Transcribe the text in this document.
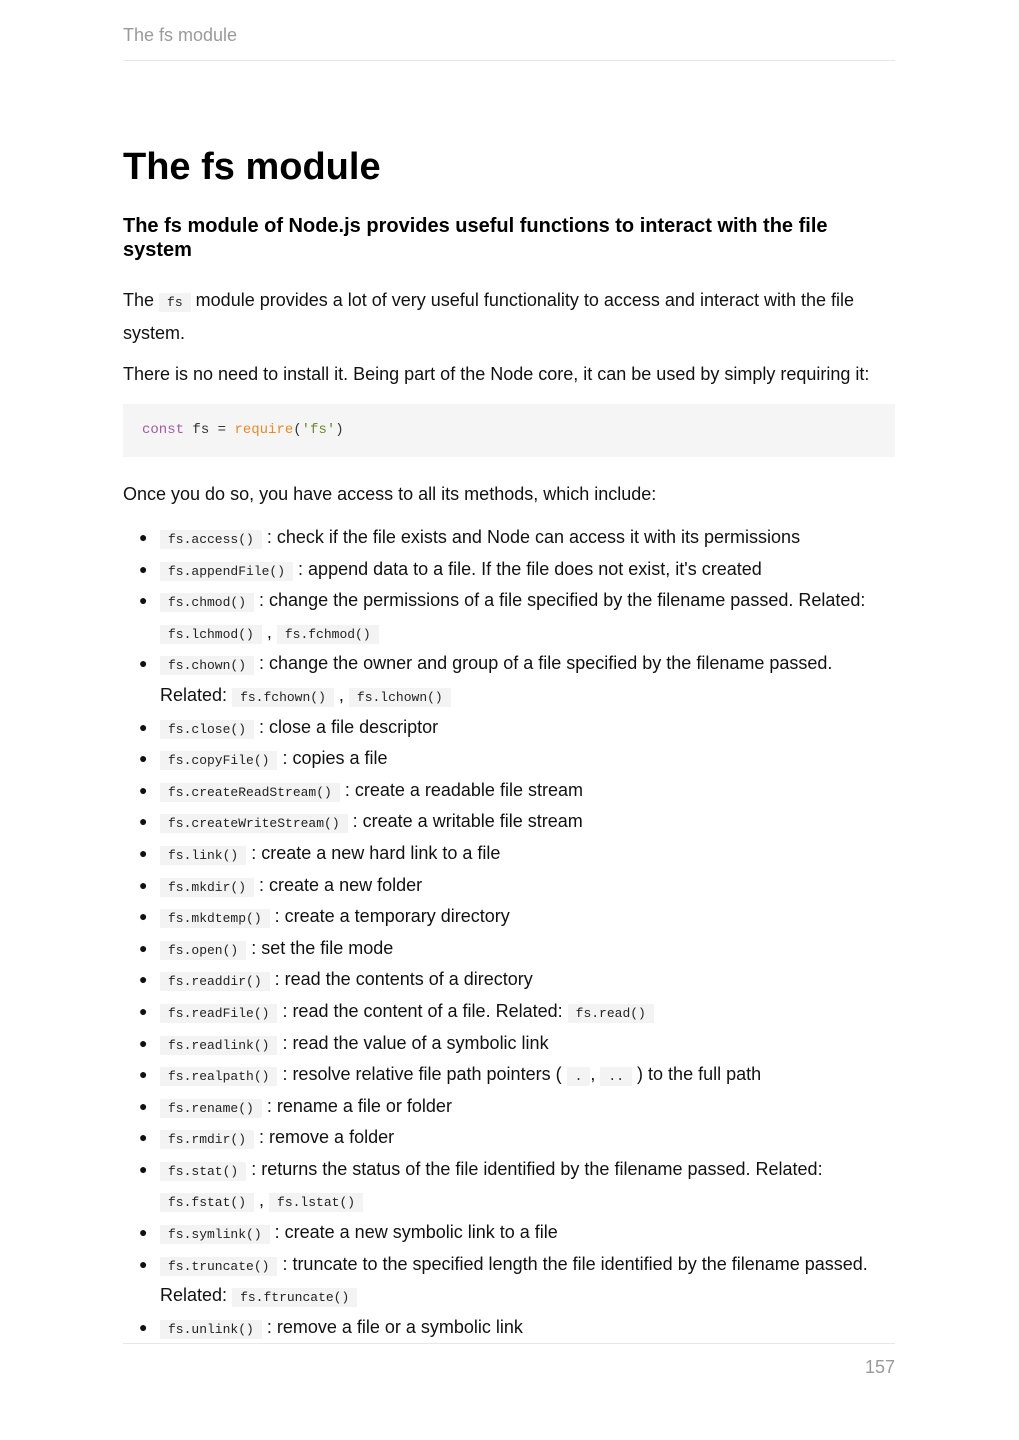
The fs module
The fs module
The fs module of Node.js provides useful functions to interact with the file system

The fs module provides a lot of very useful functionality to access and interact with the file system.

There is no need to install it. Being part of the Node core, it can be used by simply requiring it:

const fs = require('fs')

Once you do so, you have access to all its methods, which include:

● fs.access() : check if the file exists and Node can access it with its permissions
● fs.appendFile() : append data to a file. If the file does not exist, it's created
● fs.chmod() : change the permissions of a file specified by the filename passed. Related:
fs.lchmod() , fs.fchmod()
● fs.chown() : change the owner and group of a file specified by the filename passed.
Related: fs.fchown() , fs.lchown()
● fs.close() : close a file descriptor
● fs.copyFile() : copies a file
● fs.createReadStream() : create a readable file stream
● fs.createWriteStream() : create a writable file stream
● fs.link() : create a new hard link to a file
● fs.mkdir() : create a new folder
● fs.mkdtemp() : create a temporary directory
● fs.open() : set the file mode
● fs.readdir() : read the contents of a directory
● fs.readFile() : read the content of a file. Related: fs.read()
● fs.readlink() : read the value of a symbolic link
● fs.realpath() : resolve relative file path pointers ( . , .. ) to the full path
● fs.rename() : rename a file or folder
● fs.rmdir() : remove a folder
● fs.stat() : returns the status of the file identified by the filename passed. Related:
fs.fstat() , fs.lstat()
● fs.symlink() : create a new symbolic link to a file
● fs.truncate() : truncate to the specified length the file identified by the filename passed.
Related: fs.ftruncate()
● fs.unlink() : remove a file or a symbolic link
157
